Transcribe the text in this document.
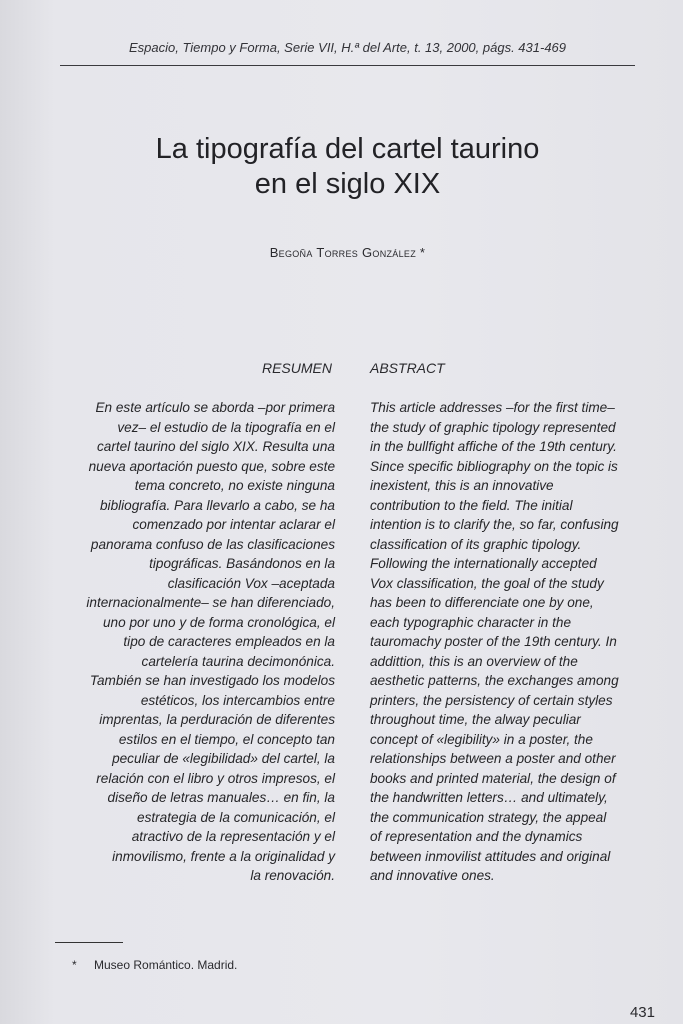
Espacio, Tiempo y Forma, Serie VII, H.ª del Arte, t. 13, 2000, págs. 431-469
La tipografía del cartel taurino
en el siglo XIX
Begoña Torres González *
RESUMEN	ABSTRACT
En este artículo se aborda –por primera
vez– el estudio de la tipografía en el
cartel taurino del siglo XIX. Resulta una
nueva aportación puesto que, sobre este
tema concreto, no existe ninguna
bibliografía. Para llevarlo a cabo, se ha
comenzado por intentar aclarar el
panorama confuso de las clasificaciones
tipográficas. Basándonos en la
clasificación Vox –aceptada
internacionalmente– se han diferenciado,
uno por uno y de forma cronológica, el
tipo de caracteres empleados en la
cartelería taurina decimonónica.
También se han investigado los modelos
estéticos, los intercambios entre
imprentas, la perduración de diferentes
estilos en el tiempo, el concepto tan
peculiar de «legibilidad» del cartel, la
relación con el libro y otros impresos, el
diseño de letras manuales… en fin, la
estrategia de la comunicación, el
atractivo de la representación y el
inmovilismo, frente a la originalidad y
la renovación.
This article addresses –for the first time–
the study of graphic tipology represented
in the bullfight affiche of the 19th century.
Since specific bibliography on the topic is
inexistent, this is an innovative
contribution to the field. The initial
intention is to clarify the, so far, confusing
classification of its graphic tipology.
Following the internationally accepted
Vox classification, the goal of the study
has been to differenciate one by one,
each typographic character in the
tauromachy poster of the 19th century. In
addittion, this is an overview of the
aesthetic patterns, the exchanges among
printers, the persistency of certain styles
throughout time, the alway peculiar
concept of «legibility» in a poster, the
relationships between a poster and other
books and printed material, the design of
the handwritten letters… and ultimately,
the communication strategy, the appeal
of representation and the dynamics
between inmovilist attitudes and original
and innovative ones.
* Museo Romántico. Madrid.
431
